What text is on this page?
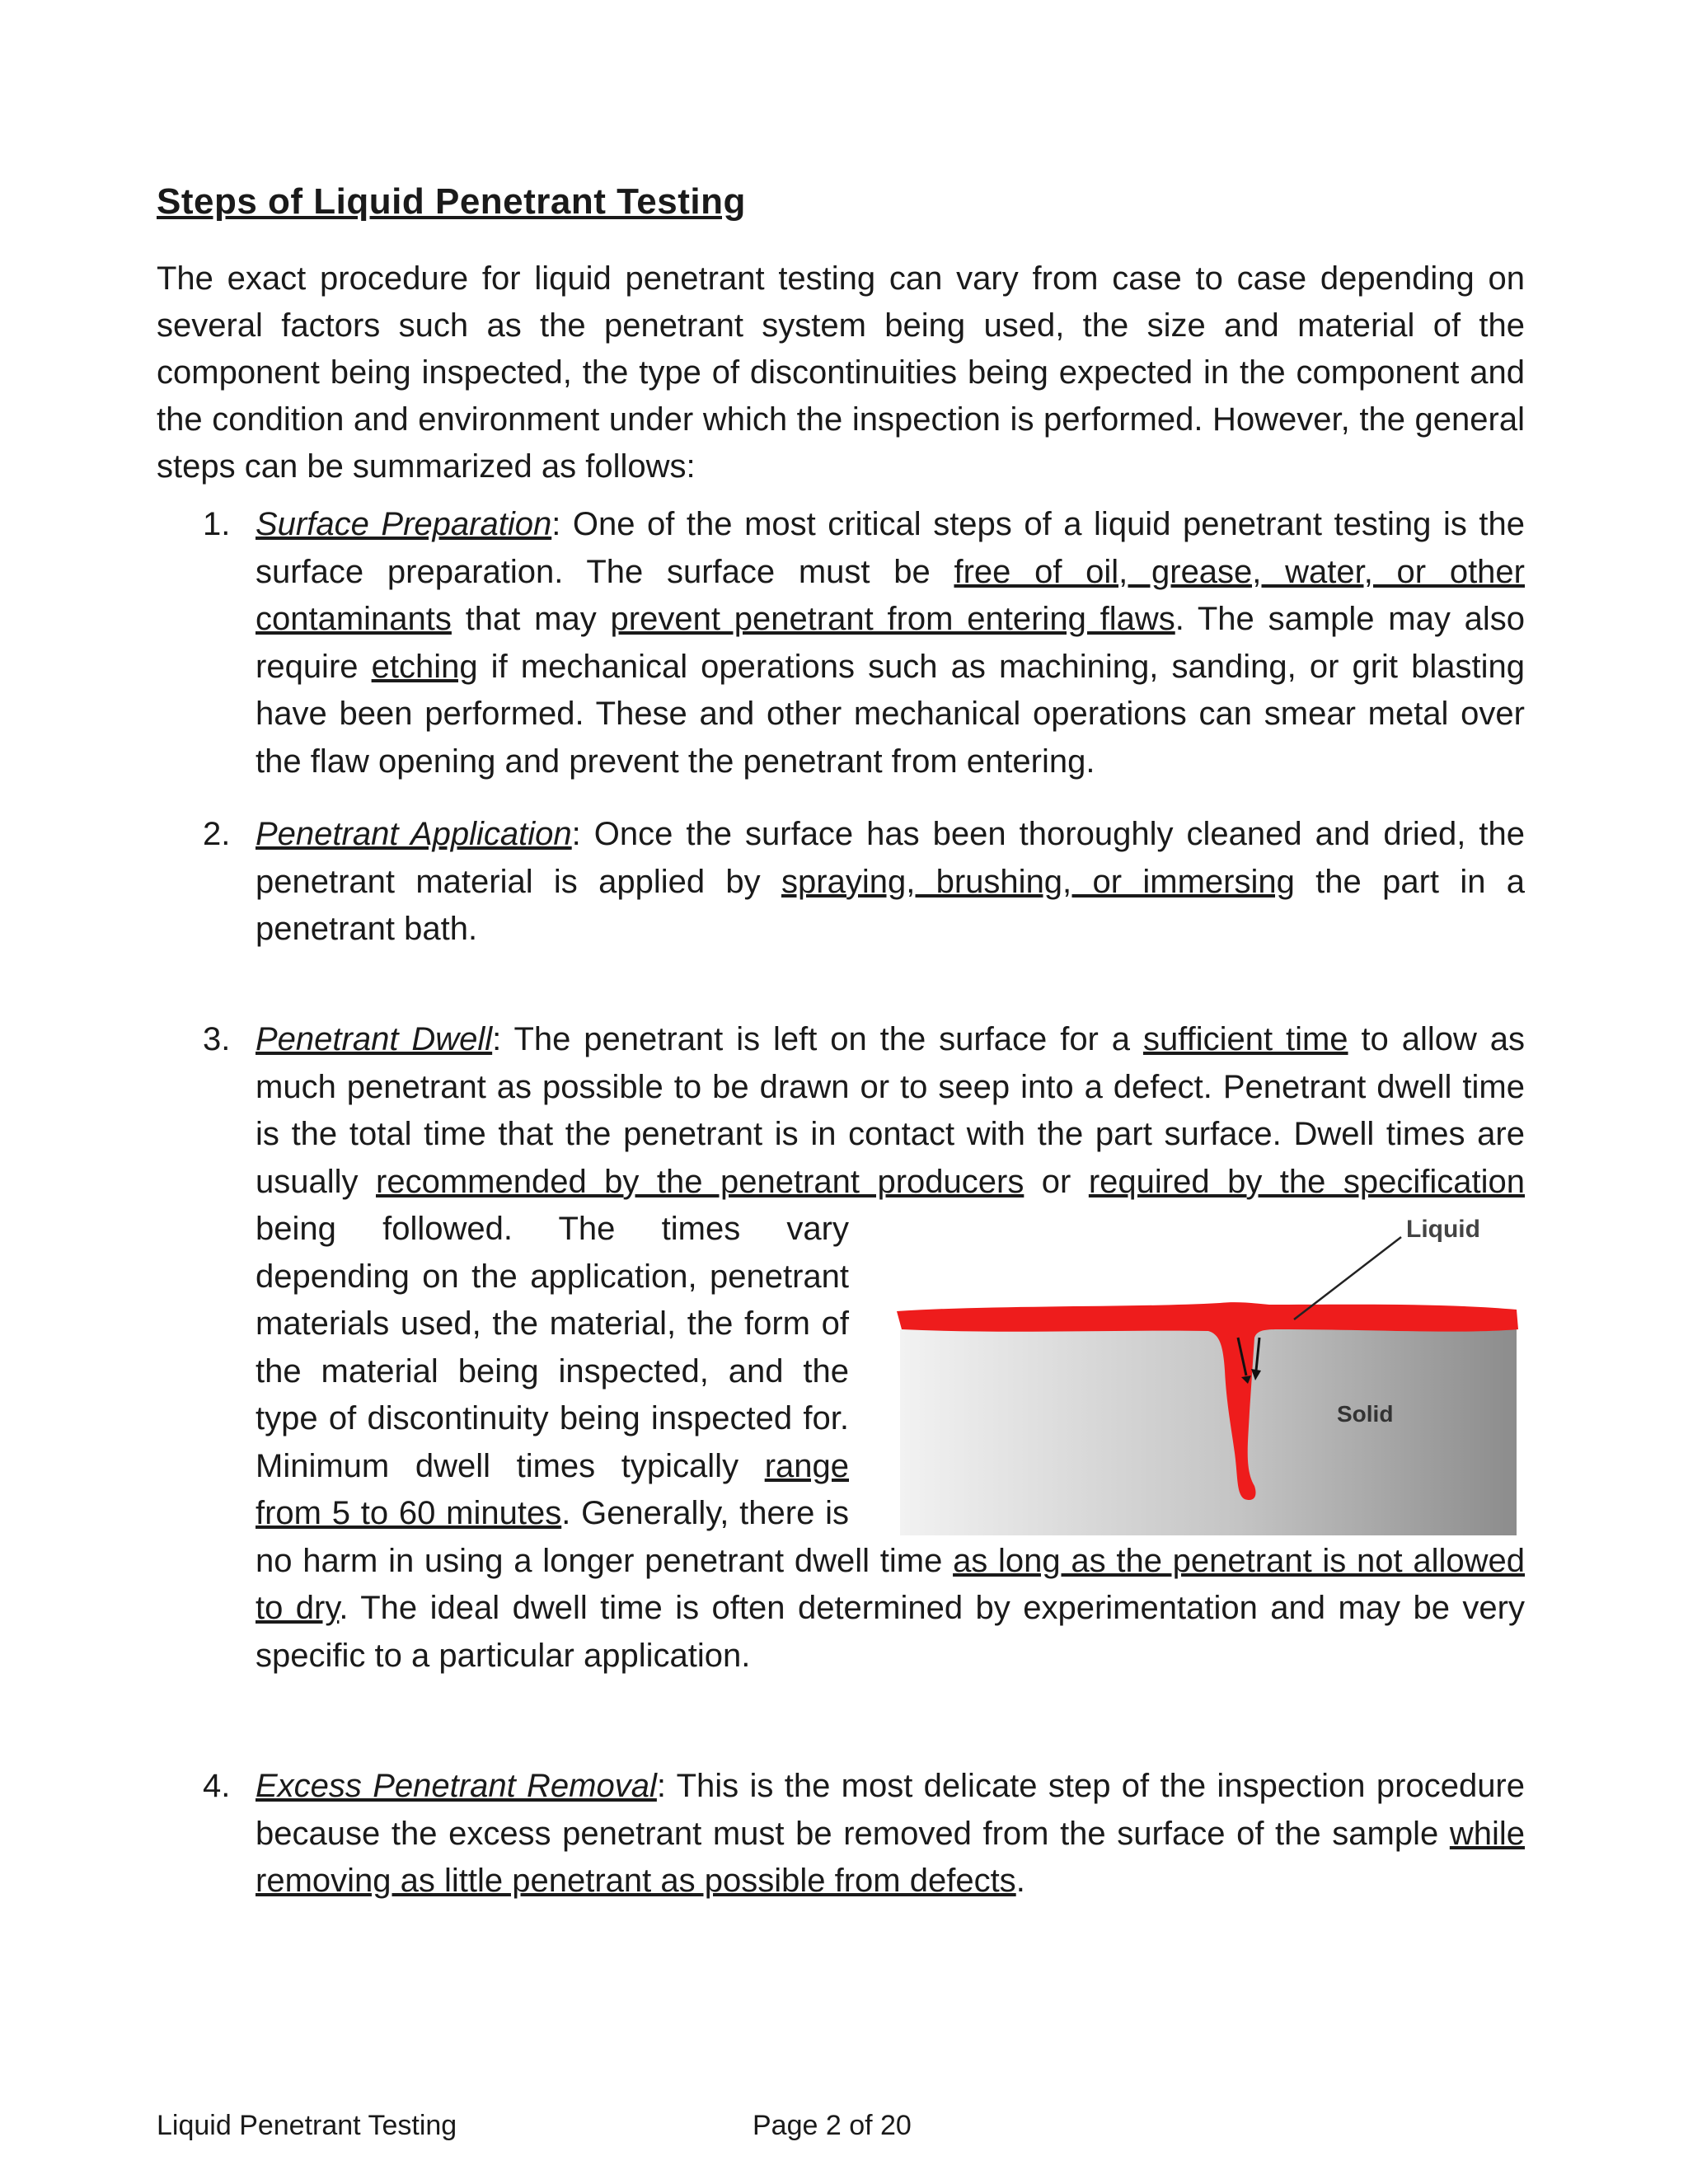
Steps of Liquid Penetrant Testing

The exact procedure for liquid penetrant testing can vary from case to case depending on several factors such as the penetrant system being used, the size and material of the component being inspected, the type of discontinuities being expected in the component and the condition and environment under which the inspection is performed. However, the general steps can be summarized as follows:

1. Surface Preparation: One of the most critical steps of a liquid penetrant testing is the surface preparation. The surface must be free of oil, grease, water, or other contaminants that may prevent penetrant from entering flaws. The sample may also require etching if mechanical operations such as machining, sanding, or grit blasting have been performed. These and other mechanical operations can smear metal over the flaw opening and prevent the penetrant from entering.
2. Penetrant Application: Once the surface has been thoroughly cleaned and dried, the penetrant material is applied by spraying, brushing, or immersing the part in a penetrant bath.
3. Penetrant Dwell: The penetrant is left on the surface for a sufficient time to allow as much penetrant as possible to be drawn or to seep into a defect. Penetrant dwell time is the total time that the penetrant is in contact with the part surface. Dwell times are usually recommended by the penetrant producers or required by the specification
Liquid
Solid
being followed. The times vary depending on the application, penetrant materials used, the material, the form of the material being inspected, and the type of discontinuity being inspected for. Minimum dwell times typically range from 5 to 60 minutes. Generally, there is no harm in using a longer penetrant dwell time as long as the penetrant is not allowed to dry. The ideal dwell time is often determined by experimentation and may be very specific to a particular application.
4. Excess Penetrant Removal: This is the most delicate step of the inspection procedure because the excess penetrant must be removed from the surface of the sample while removing as little penetrant as possible from defects.
Liquid Penetrant Testing	Page 2 of 20
